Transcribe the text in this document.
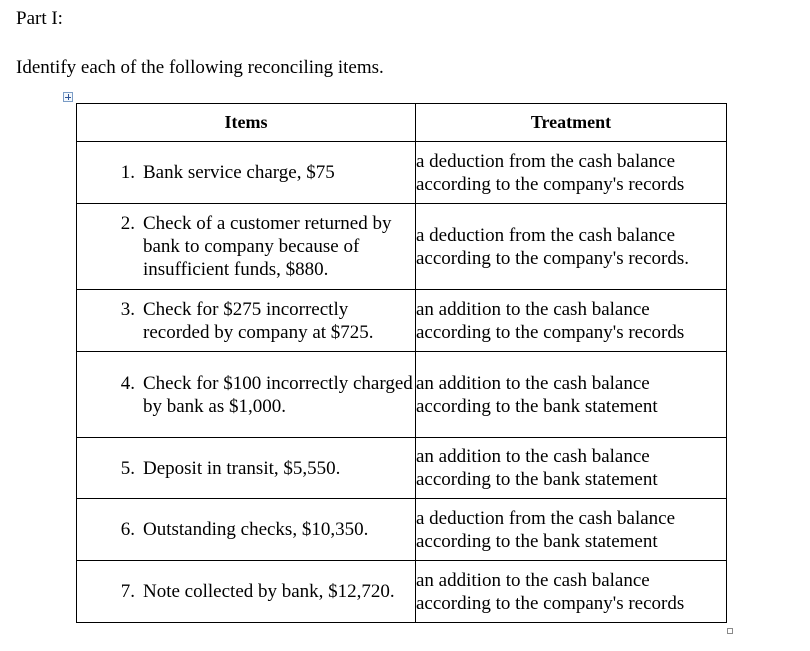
Part I:
Identify each of the following reconciling items.
Items	Treatment

1. Bank service charge, $75	a deduction from the cash balance according to the company's records

2. Check of a customer returned by bank to company because of insufficient funds, $880.	a deduction from the cash balance according to the company's records.

3. Check for $275 incorrectly recorded by company at $725.	an addition to the cash balance according to the company's records

4. Check for $100 incorrectly charged by bank as $1,000.	an addition to the cash balance according to the bank statement

5. Deposit in transit, $5,550.	an addition to the cash balance according to the bank statement

6. Outstanding checks, $10,350.	a deduction from the cash balance according to the bank statement

7. Note collected by bank, $12,720.	an addition to the cash balance according to the company's records
